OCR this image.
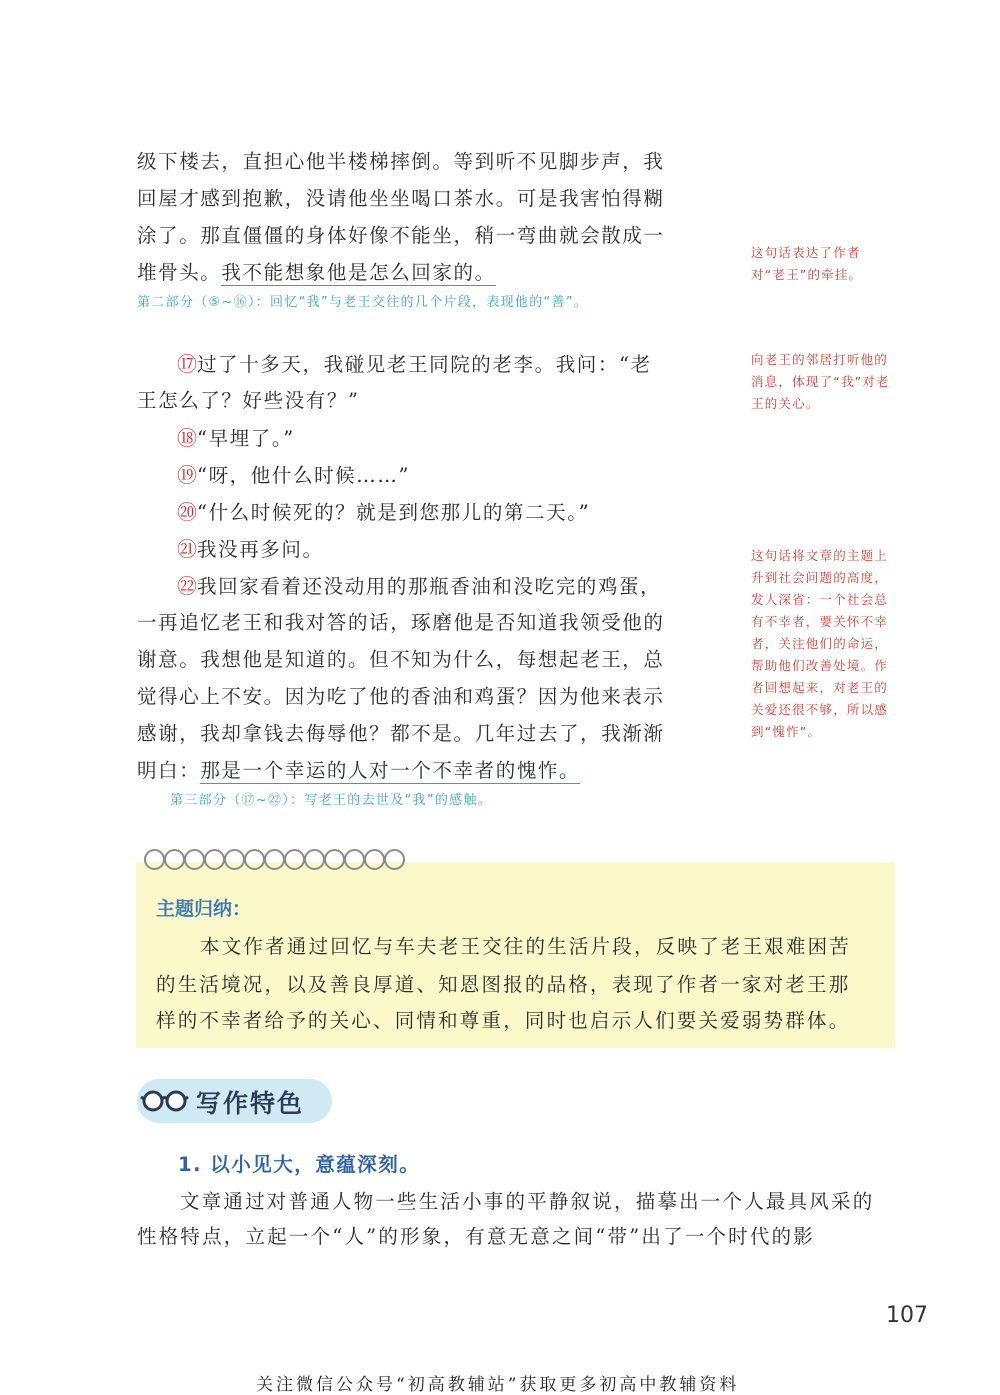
级下楼去，直担心他半楼梯摔倒。等到听不见脚步声，我
回屋才感到抱歉，没请他坐坐喝口茶水。可是我害怕得糊
涂了。那直僵僵的身体好像不能坐，稍一弯曲就会散成一
堆骨头。我不能想象他是怎么回家的。
第二部分（⑤~⑯）：回忆“我”与老王交往的几个片段，表现他的“善”。
⑰过了十多天，我碰见老王同院的老李。我问：“老
王怎么了？好些没有？”
⑱“早埋了。”
⑲“呀，他什么时候……”
⑳“什么时候死的？就是到您那儿的第二天。”
㉑我没再多问。
㉒我回家看着还没动用的那瓶香油和没吃完的鸡蛋，
一再追忆老王和我对答的话，琢磨他是否知道我领受他的
谢意。我想他是知道的。但不知为什么，每想起老王，总
觉得心上不安。因为吃了他的香油和鸡蛋？因为他来表示
感谢，我却拿钱去侮辱他？都不是。几年过去了，我渐渐
明白：那是一个幸运的人对一个不幸者的愧怍。
第三部分（⑰~㉒）：写老王的去世及“我”的感触。
这句话表达了作者对“老王”的牵挂。
向老王的邻居打听他的消息，体现了“我”对老王的关心。
这句话将文章的主题上升到社会问题的高度，发人深省：一个社会总有不幸者，要关怀不幸者，关注他们的命运，帮助他们改善处境。作者回想起来，对老王的关爱还很不够，所以感到“愧怍”。
主题归纳：
本文作者通过回忆与车夫老王交往的生活片段，反映了老王艰难困苦
的生活境况，以及善良厚道、知恩图报的品格，表现了作者一家对老王那
样的不幸者给予的关心、同情和尊重，同时也启示人们要关爱弱势群体。
写作特色
1. 以小见大，意蕴深刻。
文章通过对普通人物一些生活小事的平静叙说，描摹出一个人最具风采的
性格特点，立起一个“人”的形象，有意无意之间“带”出了一个时代的影
107
关注微信公众号“初高教辅站”获取更多初高中教辅资料
